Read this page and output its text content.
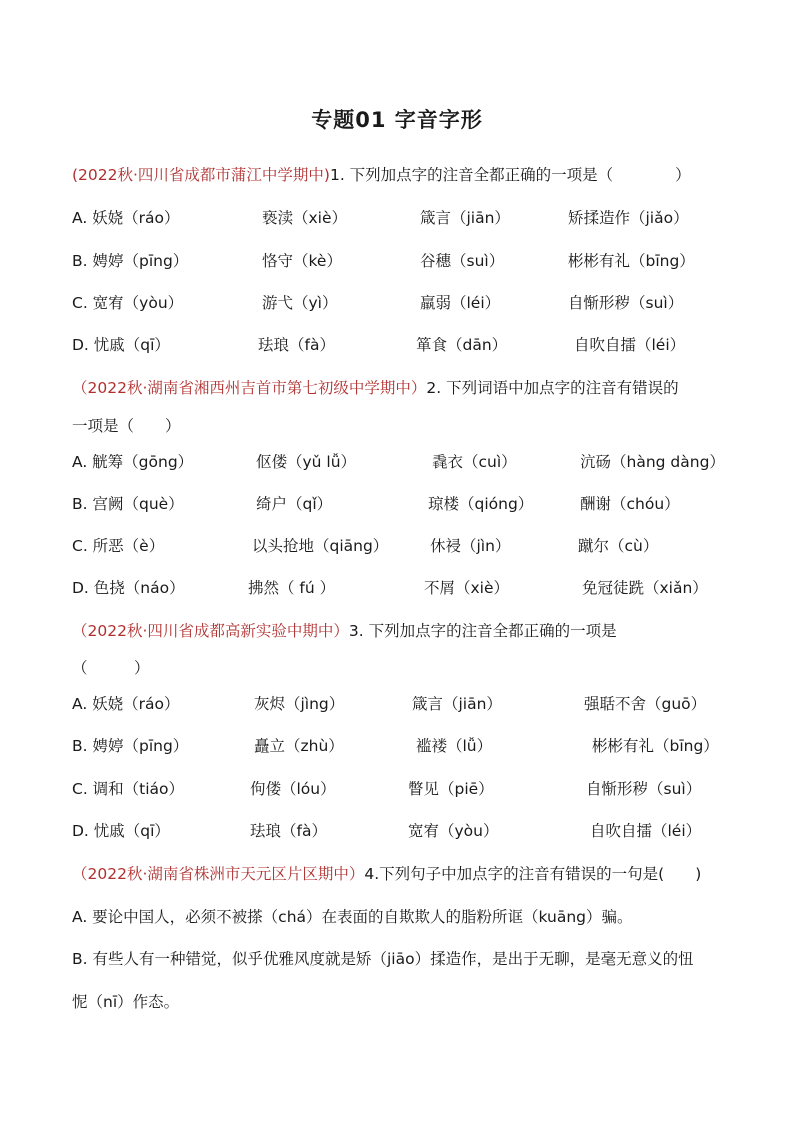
专题01 字音字形
(2022秋·四川省成都市蒲江中学期中)1. 下列加点字的注音全都正确的一项是（　　　　）
A. 妖娆（ráo）	亵渎（xiè）	箴言（jiān）	矫揉造作（jiǎo）
B. 娉婷（pīng）	恪守（kè）	谷穗（suì）	彬彬有礼（bīng）
C. 宽宥（yòu）	游弋（yì）	羸弱（léi）	自惭形秽（suì）
D. 忧戚（qī）	珐琅（fà）	箪食（dān）	自吹自擂（léi）
（2022秋·湖南省湘西州吉首市第七初级中学期中）2. 下列词语中加点字的注音有错误的
一项是（　　）
A. 觥筹（gōng）	伛偻（yǔ lǚ）	毳衣（cuì）	沆砀（hàng dàng）
B. 宫阙（què）	绮户（qǐ）	琼楼（qióng）	酬谢（chóu）
C. 所恶（è）	以头抢地（qiāng）	休祲（jìn）	蹴尔（cù）
D. 色挠（náo）	拂然（ fú ）	不屑（xiè）	免冠徒跣（xiǎn）
（2022秋·四川省成都高新实验中期中）3. 下列加点字的注音全都正确的一项是
（　　　）
A. 妖娆（ráo）	灰烬（jìng）	箴言（jiān）	强聒不舍（guō）
B. 娉婷（pīng）	矗立（zhù）	褴褛（lǚ）	彬彬有礼（bīng）
C. 调和（tiáo）	佝偻（lóu）	瞥见（piē）	自惭形秽（suì）
D. 忧戚（qī）	珐琅（fà）	宽宥（yòu）	自吹自擂（léi）
（2022秋·湖南省株洲市天元区片区期中）4.下列句子中加点字的注音有错误的一句是(　　)
A. 要论中国人，必须不被搽（chá）在表面的自欺欺人的脂粉所诓（kuāng）骗。
B. 有些人有一种错觉，似乎优雅风度就是矫（jiāo）揉造作，是出于无聊，是毫无意义的忸
怩（nī）作态。
